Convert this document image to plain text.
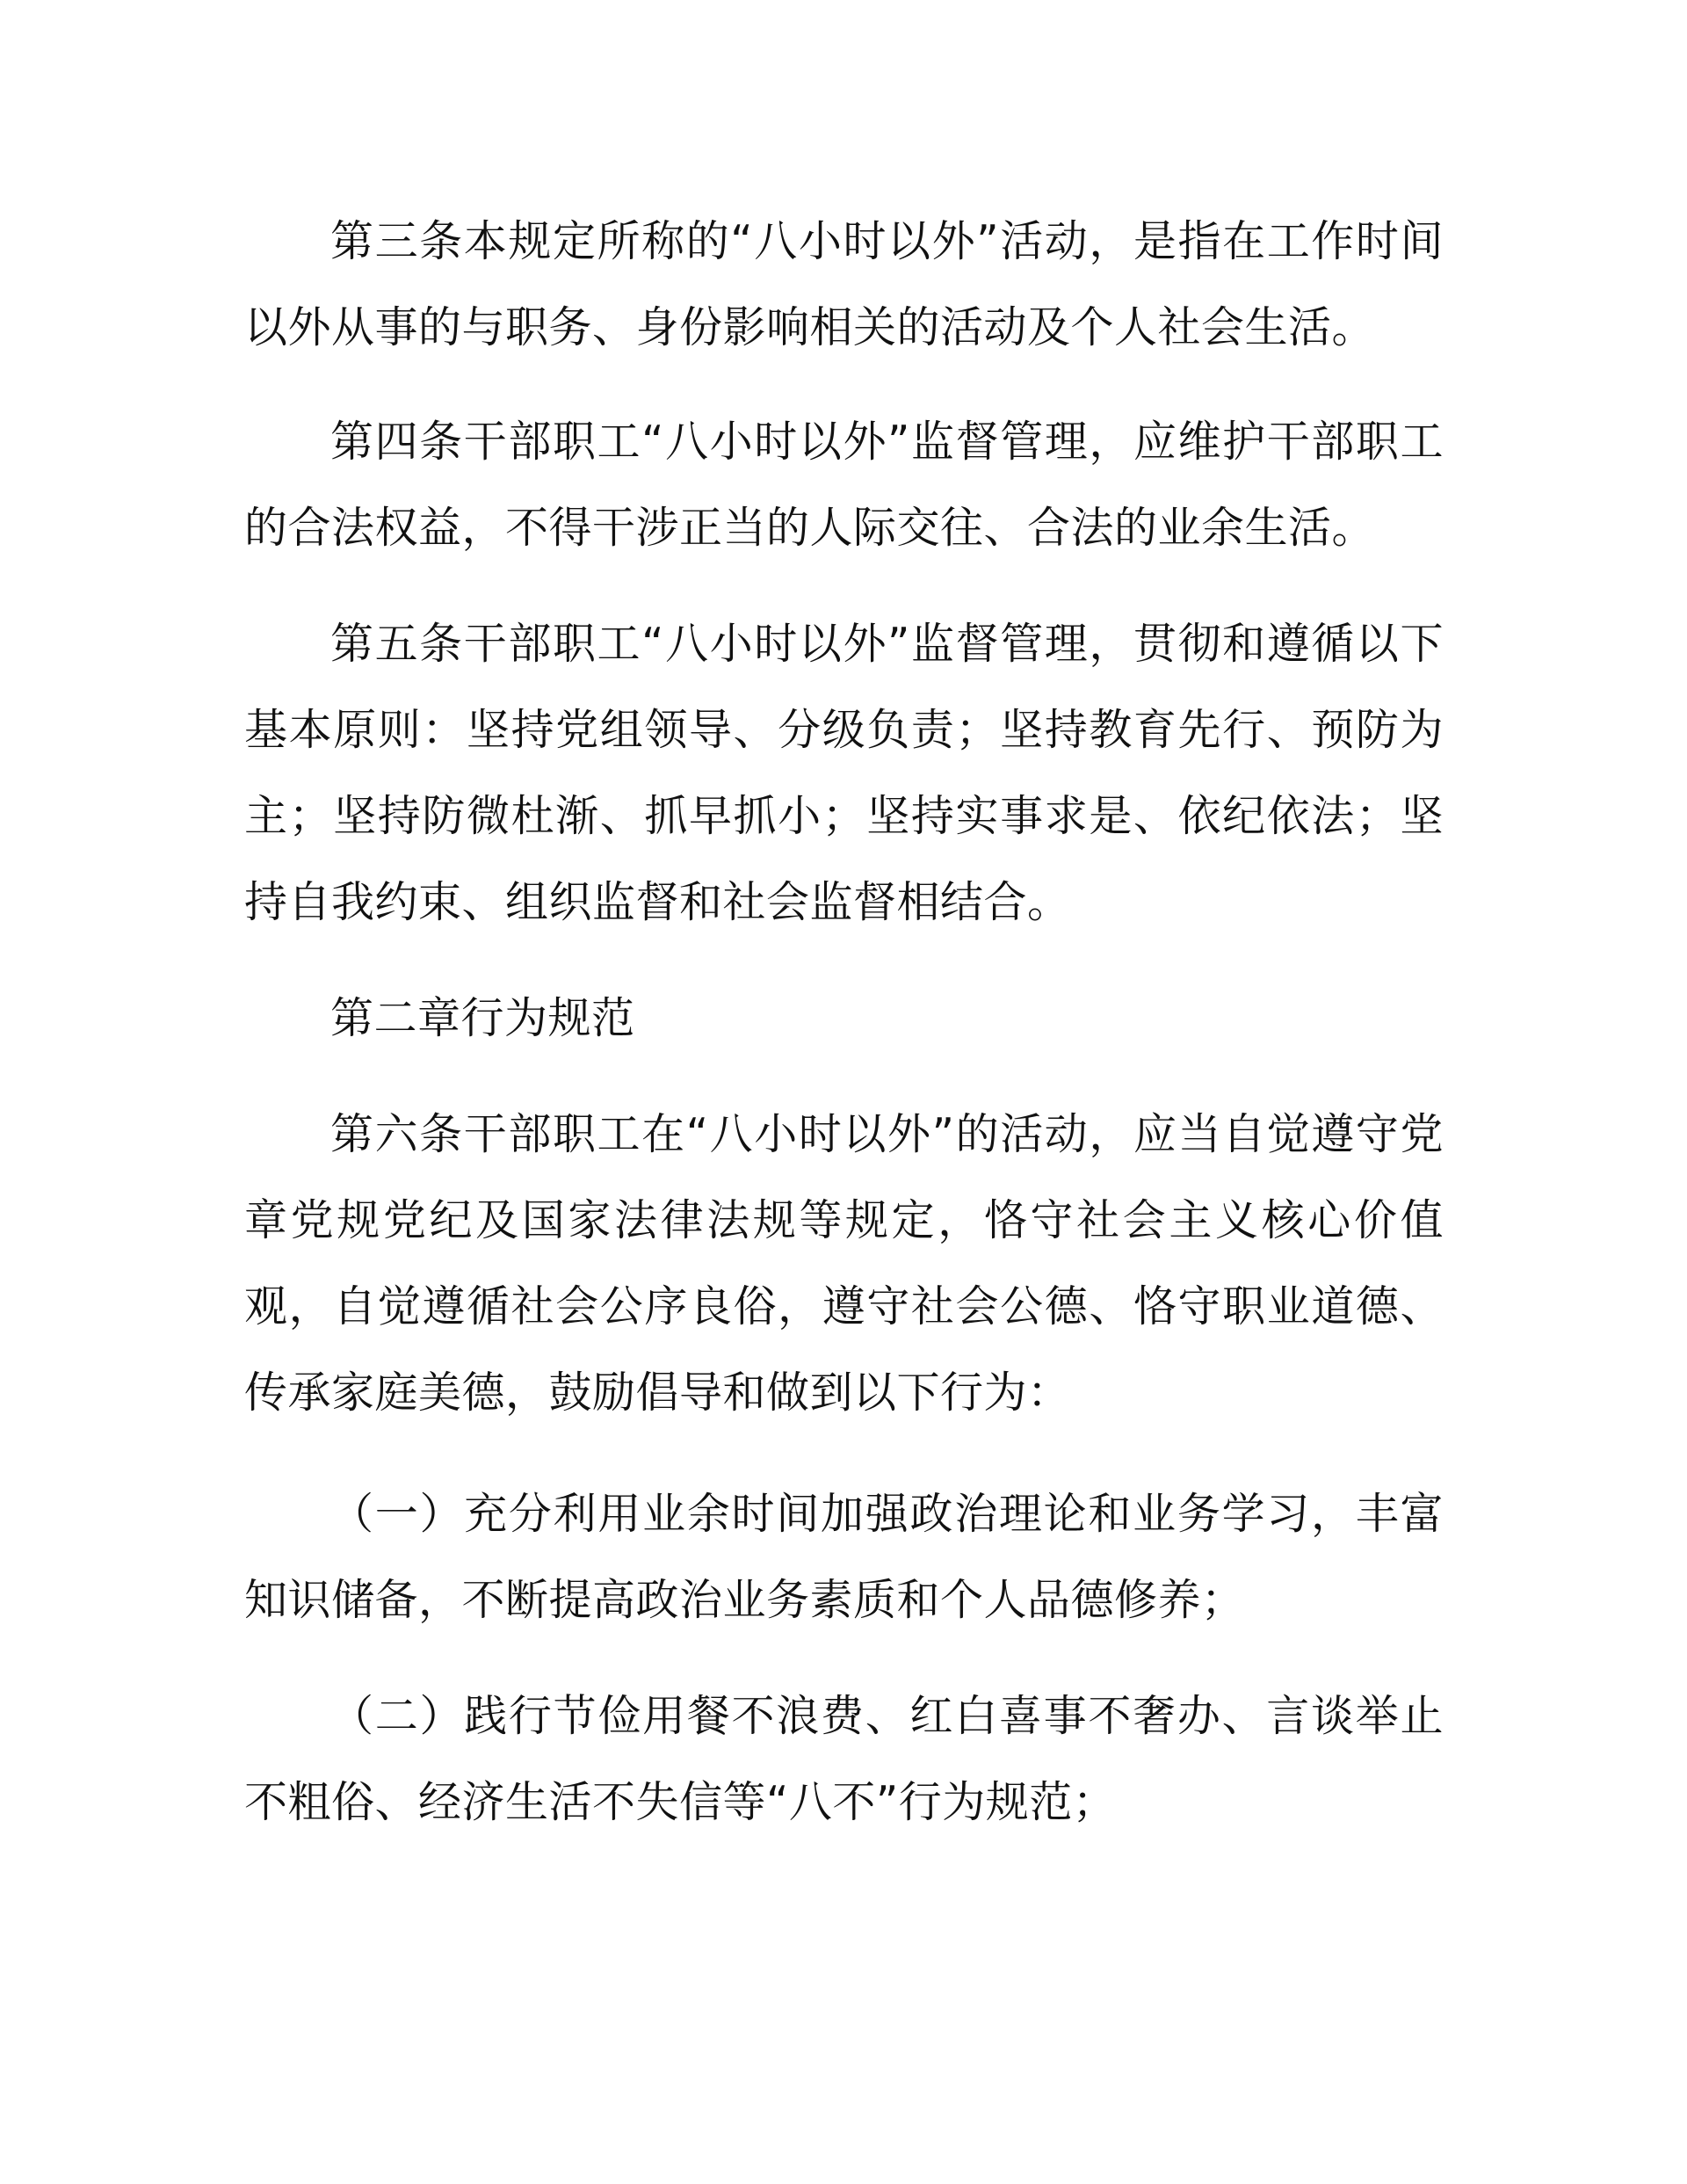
第三条本规定所称的“八小时以外”活动，是指在工作时间以外从事的与职务、身份影响相关的活动及个人社会生活。

第四条干部职工“八小时以外”监督管理，应维护干部职工的合法权益，不得干涉正当的人际交往、合法的业余生活。

第五条干部职工“八小时以外”监督管理，贯彻和遵循以下基本原则：坚持党组领导、分级负责；坚持教育先行、预防为主；坚持防微杜渐、抓早抓小；坚持实事求是、依纪依法；坚持自我约束、组织监督和社会监督相结合。

第二章行为规范

第六条干部职工在“八小时以外”的活动，应当自觉遵守党章党规党纪及国家法律法规等规定，恪守社会主义核心价值观，自觉遵循社会公序良俗，遵守社会公德、恪守职业道德、传承家庭美德，鼓励倡导和做到以下行为：

（一）充分利用业余时间加强政治理论和业务学习，丰富知识储备，不断提高政治业务素质和个人品德修养；

（二）践行节俭用餐不浪费、红白喜事不奢办、言谈举止不粗俗、经济生活不失信等“八不”行为规范；
